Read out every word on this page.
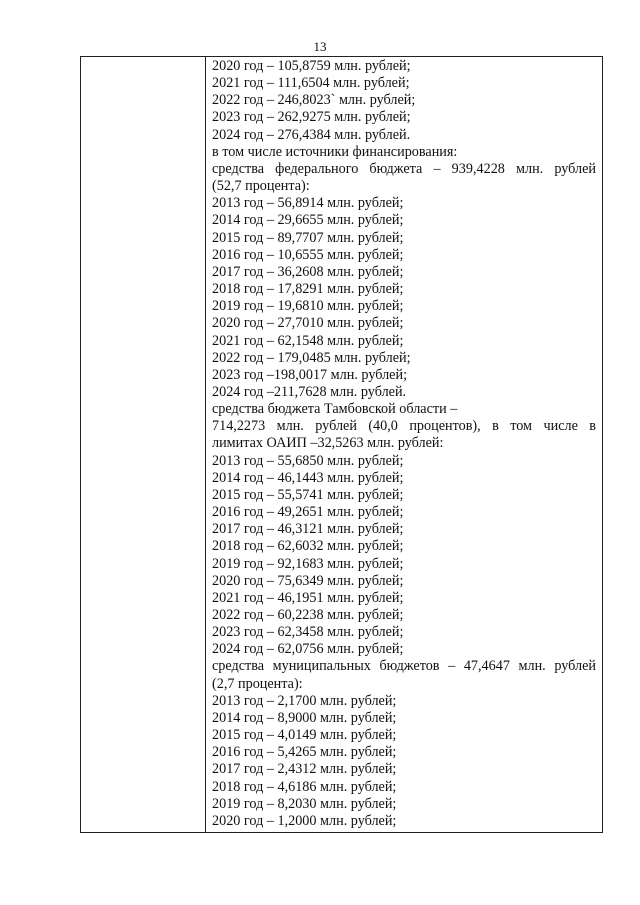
13
2020 год – 105,8759 млн. рублей;
2021 год – 111,6504 млн. рублей;
2022 год – 246,8023` млн. рублей;
2023 год – 262,9275 млн. рублей;
2024 год – 276,4384 млн. рублей.
в том числе источники финансирования:
средства федерального бюджета – 939,4228 млн. рублей
(52,7 процента):
2013 год – 56,8914 млн. рублей;
2014 год – 29,6655 млн. рублей;
2015 год – 89,7707 млн. рублей;
2016 год – 10,6555 млн. рублей;
2017 год – 36,2608 млн. рублей;
2018 год – 17,8291 млн. рублей;
2019 год – 19,6810 млн. рублей;
2020 год – 27,7010 млн. рублей;
2021 год – 62,1548 млн. рублей;
2022 год – 179,0485 млн. рублей;
2023 год –198,0017 млн. рублей;
2024 год –211,7628 млн. рублей.
средства бюджета Тамбовской области –
714,2273 млн. рублей (40,0 процентов), в том числе в
лимитах ОАИП –32,5263 млн. рублей:
2013 год – 55,6850 млн. рублей;
2014 год – 46,1443 млн. рублей;
2015 год – 55,5741 млн. рублей;
2016 год – 49,2651 млн. рублей;
2017 год – 46,3121 млн. рублей;
2018 год – 62,6032 млн. рублей;
2019 год – 92,1683 млн. рублей;
2020 год – 75,6349 млн. рублей;
2021 год – 46,1951 млн. рублей;
2022 год – 60,2238 млн. рублей;
2023 год – 62,3458 млн. рублей;
2024 год – 62,0756 млн. рублей;
средства муниципальных бюджетов – 47,4647 млн. рублей
(2,7 процента):
2013 год – 2,1700 млн. рублей;
2014 год – 8,9000 млн. рублей;
2015 год – 4,0149 млн. рублей;
2016 год – 5,4265 млн. рублей;
2017 год – 2,4312 млн. рублей;
2018 год – 4,6186 млн. рублей;
2019 год – 8,2030 млн. рублей;
2020 год – 1,2000 млн. рублей;
